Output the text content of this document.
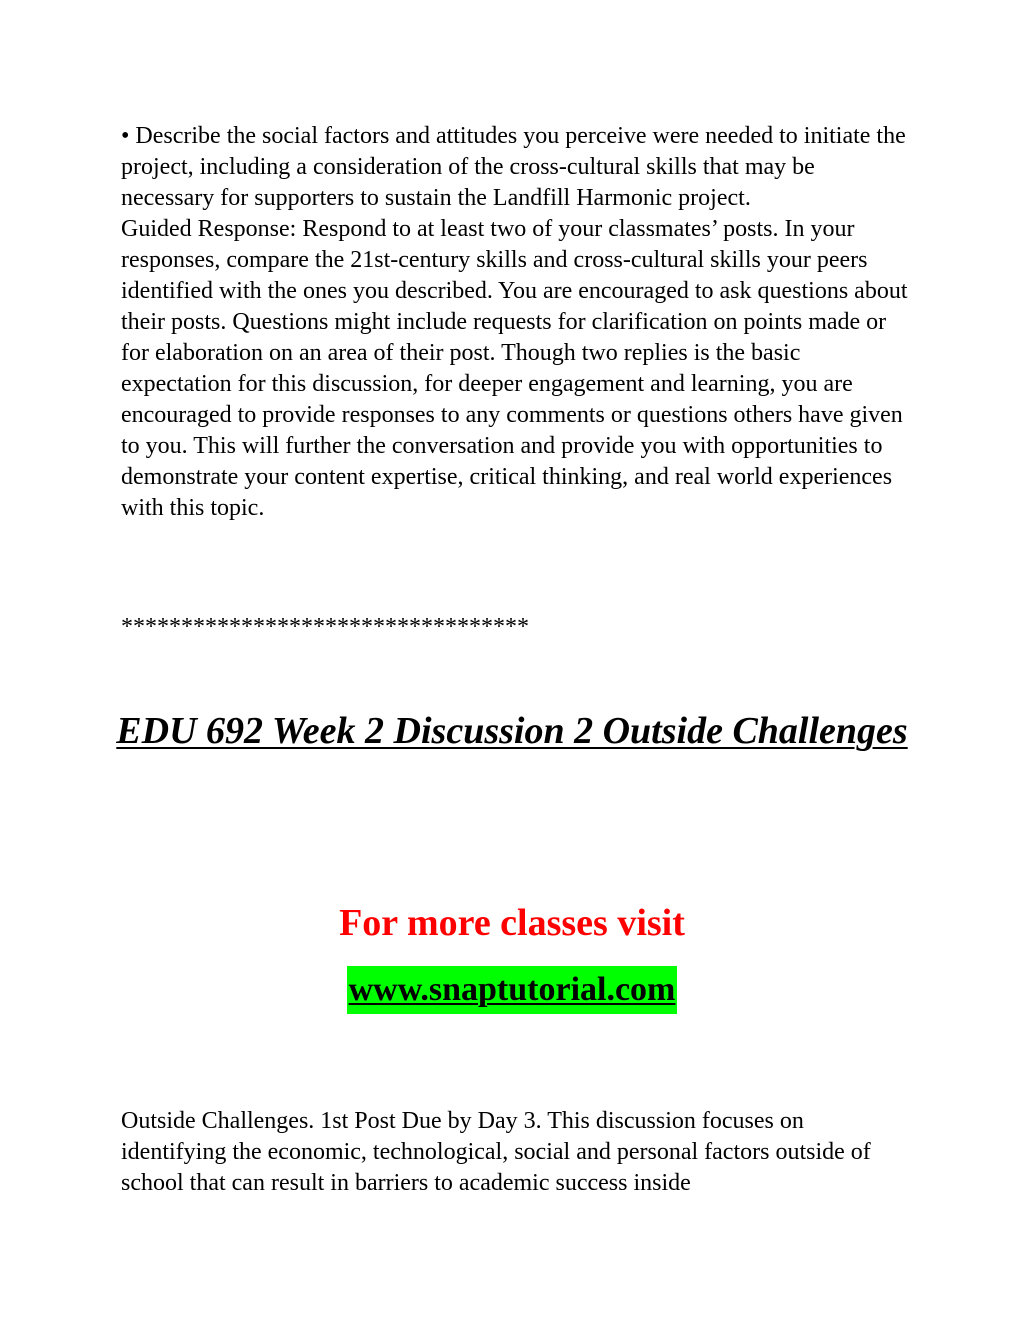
• Describe the social factors and attitudes you perceive were needed to initiate the project, including a consideration of the cross-cultural skills that may be necessary for supporters to sustain the Landfill Harmonic project.

Guided Response: Respond to at least two of your classmates’ posts. In your responses, compare the 21st-century skills and cross-cultural skills your peers identified with the ones you described. You are encouraged to ask questions about their posts. Questions might include requests for clarification on points made or for elaboration on an area of their post. Though two replies is the basic expectation for this discussion, for deeper engagement and learning, you are encouraged to provide responses to any comments or questions others have given to you. This will further the conversation and provide you with opportunities to demonstrate your content expertise, critical thinking, and real world experiences with this topic.

**********************************

EDU 692 Week 2 Discussion 2 Outside Challenges

For more classes visit

www.snaptutorial.com

Outside Challenges. 1st Post Due by Day 3. This discussion focuses on identifying the economic, technological, social and personal factors outside of school that can result in barriers to academic success inside
